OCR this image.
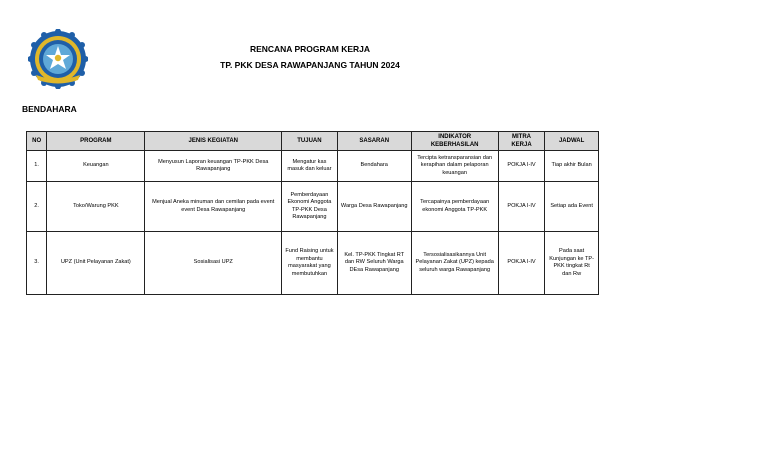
RENCANA PROGRAM KERJA
TP. PKK DESA RAWAPANJANG TAHUN 2024
BENDAHARA
NO	PROGRAM	JENIS KEGIATAN	TUJUAN	SASARAN	INDIKATOR KEBERHASILAN	MITRA KERJA	JADWAL
1.	Keuangan	Menyusun Laporan keuangan TP-PKK Desa Rawapanjang	Mengatur kas masuk dan keluar	Bendahara	Tercipta ketransparansian dan kerapihan dalam pelaporan keuangan	POKJA I-IV	Tiap akhir Bulan
2.	Toko/Warung PKK	Menjual Aneka minuman dan cemilan pada event event Desa Rawapanjang	Pemberdayaan Ekonomi Anggota TP-PKK Desa Rawapanjang	Warga Desa Rawapanjang	Tercapainya pemberdayaan ekonomi Anggota TP-PKK	POKJA I-IV	Setiap ada Event
3.	UPZ (Unit Pelayanan Zakat)	Sosialisasi UPZ	Fund Raising untuk membantu masyarakat yang membutuhkan	Kel. TP-PKK Tingkat RT dan RW Seluruh Warga DEsa Rawapanjang	Tersosialisasikannya Unit Pelayanan Zakat (UPZ) kepada seluruh warga Rawapanjang	POKJA I-IV	Pada saat Kunjungan ke TP-PKK tingkat Rt dan Rw
